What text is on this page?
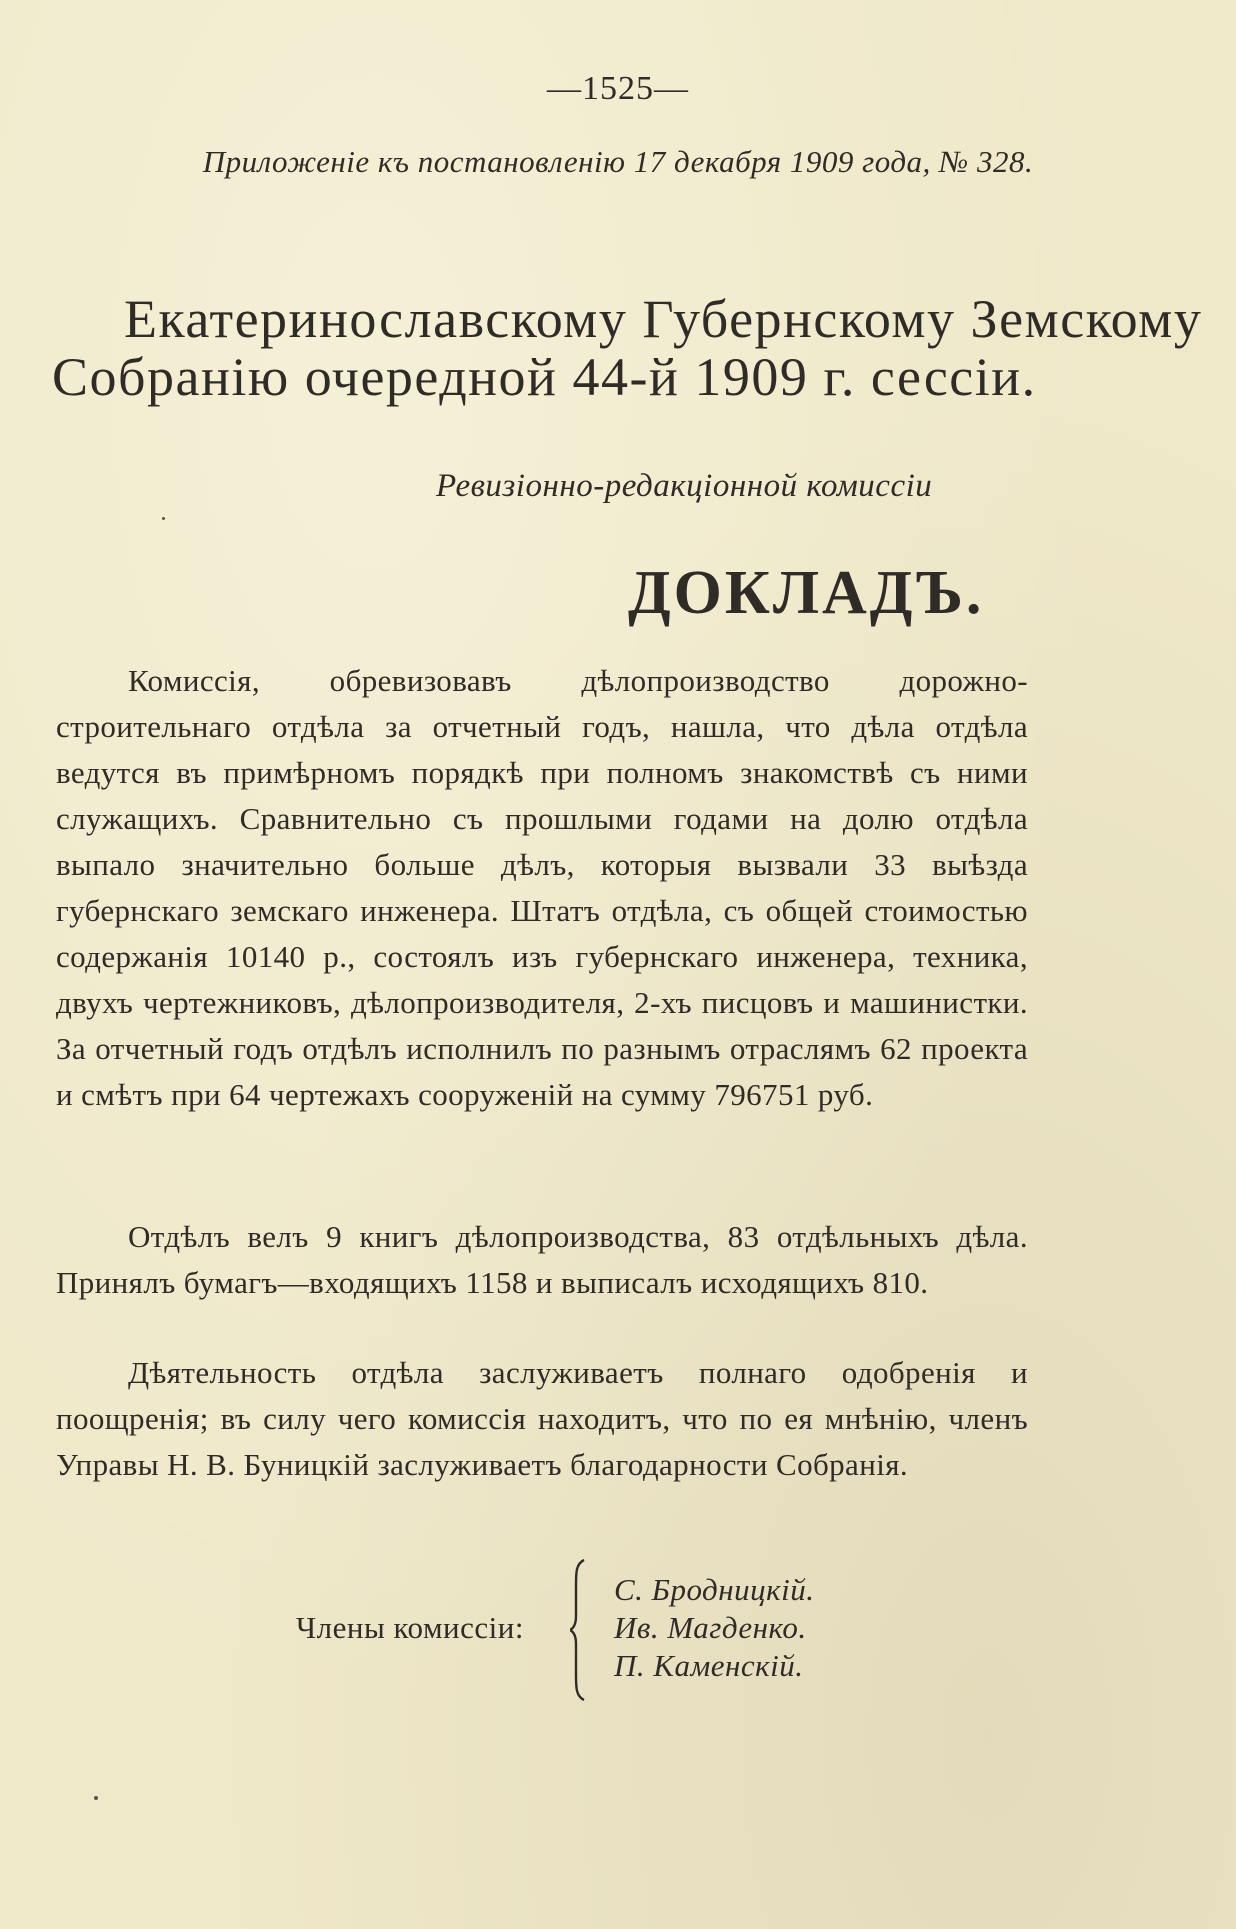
—1525—
Приложеніе къ постановленію 17 декабря 1909 года, № 328.
Екатеринославскому Губернскому Земскому
Собранію очередной 44-й 1909 г. сессіи.
Ревизіонно-редакціонной комиссіи
ДОКЛАДЪ.

Комиссія, обревизовавъ дѣлопроизводство дорожно-строительнаго отдѣла за отчетный годъ, нашла, что дѣла отдѣла ведутся въ примѣрномъ порядкѣ при полномъ знакомствѣ съ ними служащихъ. Сравнительно съ прошлыми годами на долю отдѣла выпало значительно больше дѣлъ, которыя вызвали 33 выѣзда губернскаго земскаго инженера. Штатъ отдѣла, съ общей стоимостью содержанія 10140 р., состоялъ изъ губернскаго инженера, техника, двухъ чертежниковъ, дѣлопроизводителя, 2-хъ писцовъ и машинистки. За отчетный годъ отдѣлъ исполнилъ по разнымъ отраслямъ 62 проекта и смѣтъ при 64 чертежахъ сооруженій на сумму 796751 руб.

Отдѣлъ велъ 9 книгъ дѣлопроизводства, 83 отдѣльныхъ дѣла. Принялъ бумагъ—входящихъ 1158 и выписалъ исходящихъ 810.

Дѣятельность отдѣла заслуживаетъ полнаго одобренія и поощренія; въ силу чего комиссія находитъ, что по ея мнѣнію, членъ Управы Н. В. Буницкій заслуживаетъ благодарности Собранія.

Члены комиссіи:
С. Бродницкій.
Ив. Магденко.
П. Каменскій.
